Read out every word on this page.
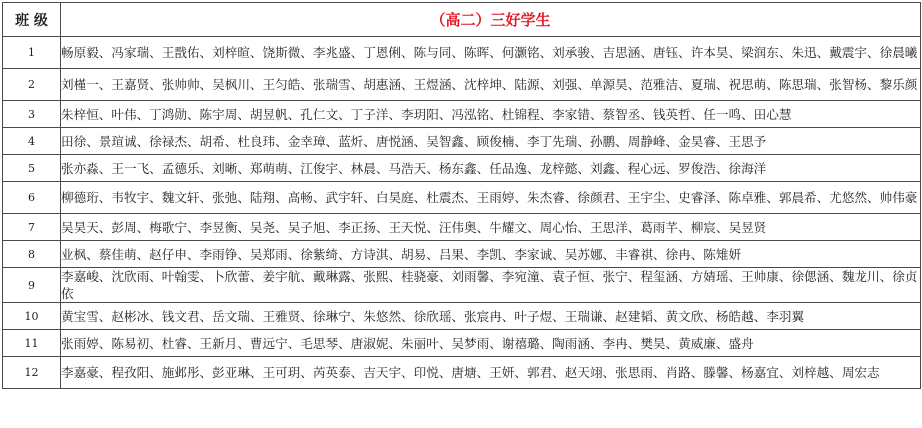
班 级	（高二）三好学生
1	畅原毅、冯家瑞、王戬佑、刘梓暄、饶斯微、李兆盛、丁恩俐、陈与同、陈晖、何灏铭、刘承骏、吉思涵、唐钰、许本昊、梁润东、朱迅、戴震宇、徐晨曦
2	刘槿一、王嘉贤、张帅帅、吴枫川、王匀皓、张瑞雪、胡惠涵、王煜涵、沈梓坤、陆源、刘强、单源昊、范雅洁、夏瑞、祝思萌、陈思瑞、张智杨、黎乐颜
3	朱梓恒、叶伟、丁鸿勋、陈宇周、胡昱帆、孔仁文、丁子洋、李玥阳、冯泓铭、杜锦程、李家错、蔡智丞、钱英哲、任一鸣、田心慧
4	田徐、景瑄诚、徐禄杰、胡希、杜良玮、金幸璋、蓝炘、唐悦涵、吴智鑫、顾俊楠、李丁先瑞、孙鹏、周静峰、金昊睿、王思予
5	张亦淼、王一飞、孟德乐、刘晰、郑萌萌、江俊宇、林晨、马浩天、杨东鑫、任品逸、龙梓懿、刘鑫、程心远、罗俊浩、徐海洋
6	柳德珩、韦牧宇、魏文轩、张弛、陆翔、高畅、武宇轩、白昊庭、杜震杰、王雨婷、朱杰睿、徐颜君、王宇尘、史睿泽、陈卓雅、郭晨希、尤悠然、帅伟豪
7	吴昊天、彭周、梅歌宁、李昱衡、吴尧、吴子旭、李正扬、王天悦、汪伟奥、牛耀文、周心怡、王思洋、葛雨芊、柳宸、吴昱贤
8	业枫、蔡佳萌、赵仔申、李雨铮、吴郑雨、徐紫绮、方诗淇、胡易、吕果、李凯、李家诚、吴苏娜、丰睿祺、徐冉、陈雉妍
9	李嘉峻、沈欣雨、叶翰雯、卜欣蕾、姜宇航、戴琳露、张熙、桂骁豪、刘雨馨、李宛潼、袁子恒、张宁、程玺涵、方婧瑶、王帅康、徐偲涵、魏龙川、徐贞依
10	黄宝雪、赵彬冰、钱文君、岳文瑞、王雅贤、徐琳宁、朱悠然、徐欣瑶、张宸冉、叶子煜、王瑞谦、赵建韬、黄文欣、杨皓越、李羽翼
11	张雨婷、陈易初、杜睿、王新月、曹远宁、毛思琴、唐淑妮、朱丽叶、吴梦雨、谢禧璐、陶雨涵、李冉、樊昊、黄威廉、盛舟
12	李嘉豪、程孜阳、施邺彤、彭亚琳、王可玥、芮英泰、吉天宇、印悦、唐塘、王妍、郭君、赵天翊、张思雨、肖路、滕馨、杨嘉宜、刘梓越、周宏志
